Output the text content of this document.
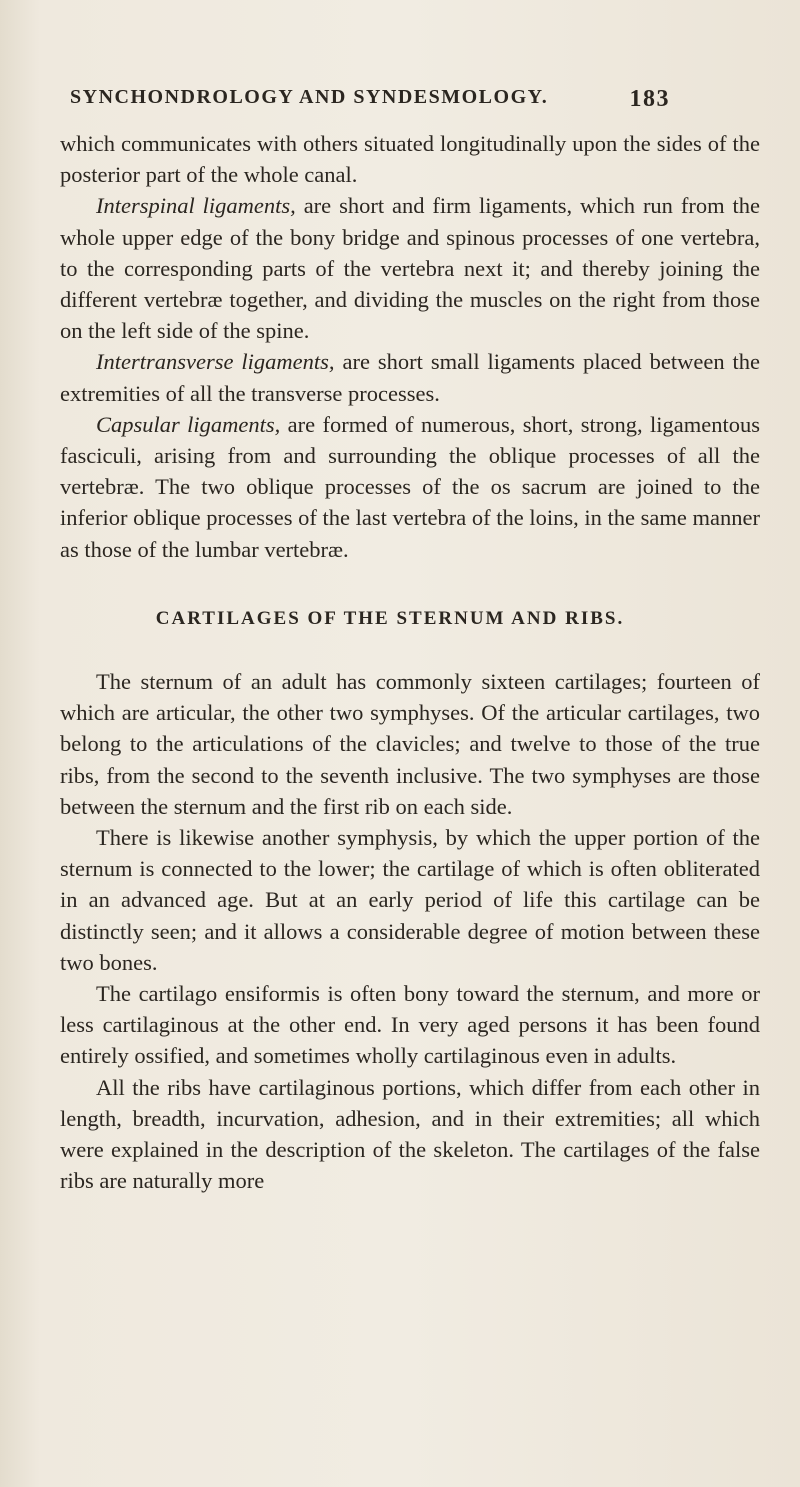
SYNCHONDROLOGY AND SYNDESMOLOGY.	183

which communicates with others situated longitudinally upon the sides of the posterior part of the whole canal.

Interspinal ligaments, are short and firm ligaments, which run from the whole upper edge of the bony bridge and spinous processes of one vertebra, to the corresponding parts of the vertebra next it; and thereby joining the different vertebræ together, and dividing the muscles on the right from those on the left side of the spine.

Intertransverse ligaments, are short small ligaments placed between the extremities of all the transverse processes.

Capsular ligaments, are formed of numerous, short, strong, ligamentous fasciculi, arising from and surrounding the oblique processes of all the vertebræ. The two oblique processes of the os sacrum are joined to the inferior oblique processes of the last vertebra of the loins, in the same manner as those of the lumbar vertebræ.

CARTILAGES OF THE STERNUM AND RIBS.

The sternum of an adult has commonly sixteen cartilages; fourteen of which are articular, the other two symphyses. Of the articular cartilages, two belong to the articulations of the clavicles; and twelve to those of the true ribs, from the second to the seventh inclusive. The two symphyses are those between the sternum and the first rib on each side.

There is likewise another symphysis, by which the upper portion of the sternum is connected to the lower; the cartilage of which is often obliterated in an advanced age. But at an early period of life this cartilage can be distinctly seen; and it allows a considerable degree of motion between these two bones.

The cartilago ensiformis is often bony toward the sternum, and more or less cartilaginous at the other end. In very aged persons it has been found entirely ossified, and sometimes wholly cartilaginous even in adults.

All the ribs have cartilaginous portions, which differ from each other in length, breadth, incurvation, adhesion, and in their extremities; all which were explained in the description of the skeleton. The cartilages of the false ribs are naturally more
